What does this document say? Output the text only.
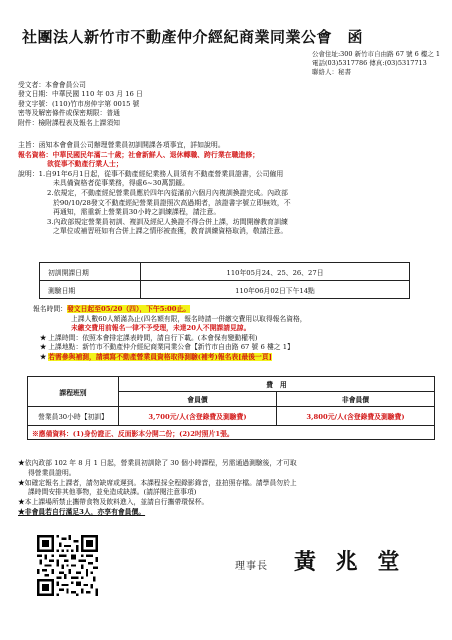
社團法人新竹市不動產仲介經紀商業同業公會　函
公會住址:300 新竹市自由路 67 號 6 樓之 1
電話(03)5317786 傳真:(03)5317713
聯絡人：秘書
受文者：本會會員公司
發文日期：中華民國 110 年 03 月 16 日
發文字號：(110)竹市房仲字第 0015 號
密等及解密條件或保密期限：普通
附件：檢附課程表及報名上課須知
主旨：函知本會會員公司辦理營業員初訓開課各項事宜，詳如說明。
報名資格：中華民國民年滿二十歲；社會新鮮人、退休轉職、跨行業在職進修；
欲從事不動產行業人士；
說明：1.自91年6月1日起，從事不動產經紀業務人員須有不動產營業員證書，公司僱用
未具備資格者從事業務，得處6~30萬罰鍰。
2.依規定，不動產經紀營業員應於四年內從滿前六個月內複訓換證完成。內政部
於90/10/28發文不動產經紀營業員證照次高過期者，該證書字號立即無效，不
再通知，需重新上營業員30小時之訓練課程，請注意。
3.內政部規定營業員初訓、複訓及經紀人換證不得合併上課，坊間開辦教育訓練
之單位或補習班如有合併上課之情形被查獲，教育訓練資格取消，敬請注意。
初訓開課日期	110年05月24、25、26、27日
測驗日期	110年06月02日下午14點
報名時間：發文日起至05/20（四），下午5:00止。
上課人數60人額滿為止(四名額有限，報名時請一併繳交費用以取得報名資格，
未繳交費用前報名一律不予受理，未達20人不開課請見諒。
★ 上課時間：依照本會排定課表時間，請自行下載。(本會保有變動權利)
★ 上課地點：新竹市不動產仲介經紀商業同業公會【新竹市自由路 67 號 6 樓之 1】
★ 若需參與補測，請填寫不動產營業員資格取得測驗(補考)報名表[最後一頁]
課程班別	費　用	
	會員價	非會員價
營業員30小時【初訓】	3,700元/人(含登錄費及測驗費)	3,800元/人(含登錄費及測驗費)
※應備資料：(1)身份證正、反面影本分開二份；(2)2吋照片1張。		
★依內政部 102 年 8 月 1 日起，營業員初訓除了 30 個小時課程，另需通過測驗後，才可取
得營業員證明。
★如確定報名上課者，請勿缺席或遲到。本課程採全程錄影錄音，並拍照存檔。請學員勿於上
課時間安排其他事物，並免造成缺課。(請詳閱注意事項)
★本上課場所禁止攜帶食物及飲料進入，並請自行攜帶環保杯。
★非會員若自行滿足3人，亦享有會員價。
理事長 黃 兆 堂
